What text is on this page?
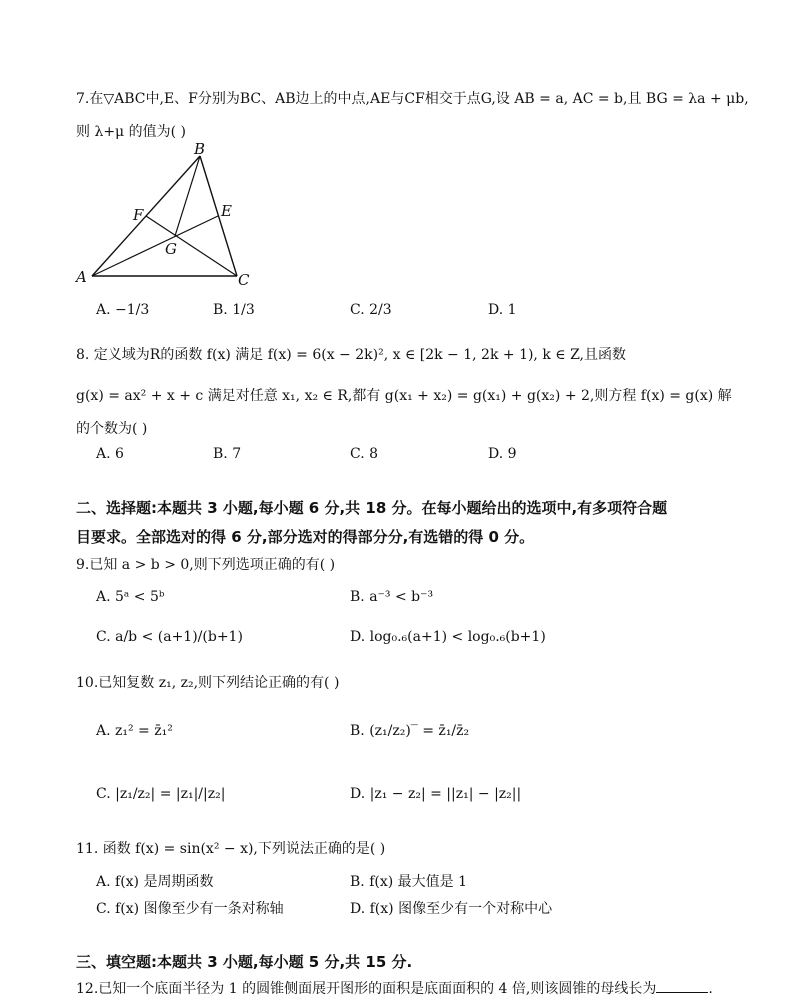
7.在▽ABC中,E、F分别为BC、AB边上的中点,AE与CF相交于点G,设 AB = a, AC = b,且 BG = λa + μb,
则 λ+μ 的值为( )
B
F	E
G
A	C
A. −1/3	B. 1/3	C. 2/3	D. 1
8. 定义域为R的函数 f(x) 满足 f(x) = 6(x − 2k)², x ∈ [2k − 1, 2k + 1), k ∈ Z,且函数
g(x) = ax² + x + c 满足对任意 x₁, x₂ ∈ R,都有 g(x₁ + x₂) = g(x₁) + g(x₂) + 2,则方程 f(x) = g(x) 解
的个数为( )
A. 6	B. 7	C. 8	D. 9
二、选择题:本题共 3 小题,每小题 6 分,共 18 分。在每小题给出的选项中,有多项符合题
目要求。全部选对的得 6 分,部分选对的得部分分,有选错的得 0 分。
9.已知 a > b > 0,则下列选项正确的有( )
A. 5ᵃ < 5ᵇ	B. a⁻³ < b⁻³
C. a/b < (a+1)/(b+1)	D. log₀.₆(a+1) < log₀.₆(b+1)
10.已知复数 z₁, z₂,则下列结论正确的有( )
A. z₁² = z̄₁²	B. (z₁/z₂)‾ = z̄₁/z̄₂
C. |z₁/z₂| = |z₁|/|z₂|	D. |z₁ − z₂| = ||z₁| − |z₂||
11. 函数 f(x) = sin(x² − x),下列说法正确的是( )
A. f(x) 是周期函数	B. f(x) 最大值是 1
C. f(x) 图像至少有一条对称轴	D. f(x) 图像至少有一个对称中心
三、填空题:本题共 3 小题,每小题 5 分,共 15 分.
12.已知一个底面半径为 1 的圆锥侧面展开图形的面积是底面面积的 4 倍,则该圆锥的母线长为	.
